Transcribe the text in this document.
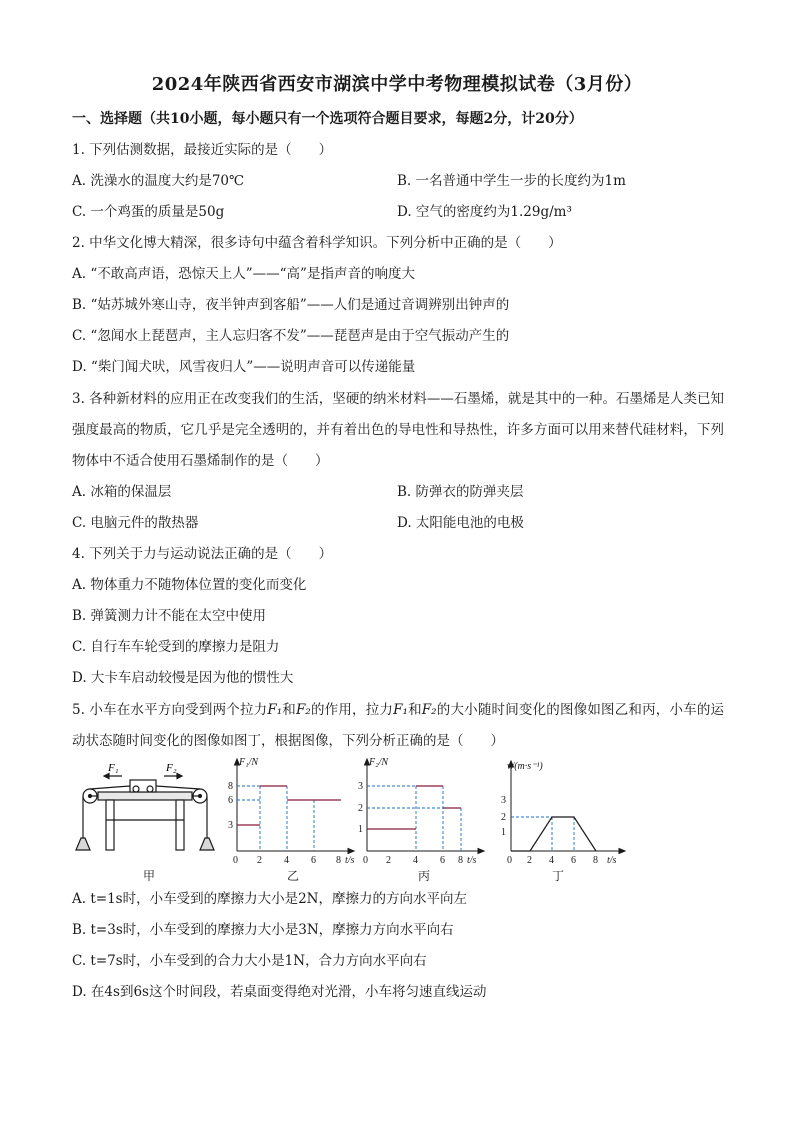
2024年陕西省西安市湖滨中学中考物理模拟试卷（3月份）
一、选择题（共10小题，每小题只有一个选项符合题目要求，每题2分，计20分）
1. 下列估测数据，最接近实际的是（　　）
A. 洗澡水的温度大约是70℃	B. 一名普通中学生一步的长度约为1m
C. 一个鸡蛋的质量是50g	D. 空气的密度约为1.29g/m³
2. 中华文化博大精深，很多诗句中蕴含着科学知识。下列分析中正确的是（　　）
A. “不敢高声语，恐惊天上人”——“高”是指声音的响度大
B. “姑苏城外寒山寺，夜半钟声到客船”——人们是通过音调辨别出钟声的
C. “忽闻水上琵琶声，主人忘归客不发”——琵琶声是由于空气振动产生的
D. “柴门闻犬吠，风雪夜归人”——说明声音可以传递能量
3. 各种新材料的应用正在改变我们的生活，坚硬的纳米材料——石墨烯，就是其中的一种。石墨烯是人类已知强度最高的物质，它几乎是完全透明的，并有着出色的导电性和导热性，许多方面可以用来替代硅材料，下列物体中不适合使用石墨烯制作的是（　　）
A. 冰箱的保温层	B. 防弹衣的防弹夹层
C. 电脑元件的散热器	D. 太阳能电池的电极
4. 下列关于力与运动说法正确的是（　　）
A. 物体重力不随物体位置的变化而变化
B. 弹簧测力计不能在太空中使用
C. 自行车车轮受到的摩擦力是阻力
D. 大卡车启动较慢是因为他的惯性大
5. 小车在水平方向受到两个拉力F₁和F₂的作用，拉力F₁和F₂的大小随时间变化的图像如图乙和丙，小车的运动状态随时间变化的图像如图丁，根据图像，下列分析正确的是（　　）
F₁	F₂
甲
F₁/N
3
6
8
0 2 4 6 8 t/s
乙
F₂/N
1
2
3
0 2 4 6 8 t/s
丙
v/(m·s⁻¹)
1
2
3
0 2 4 6 8 t/s
丁
A. t=1s时，小车受到的摩擦力大小是2N，摩擦力的方向水平向左
B. t=3s时，小车受到的摩擦力大小是3N，摩擦力方向水平向右
C. t=7s时，小车受到的合力大小是1N，合力方向水平向右
D. 在4s到6s这个时间段，若桌面变得绝对光滑，小车将匀速直线运动
